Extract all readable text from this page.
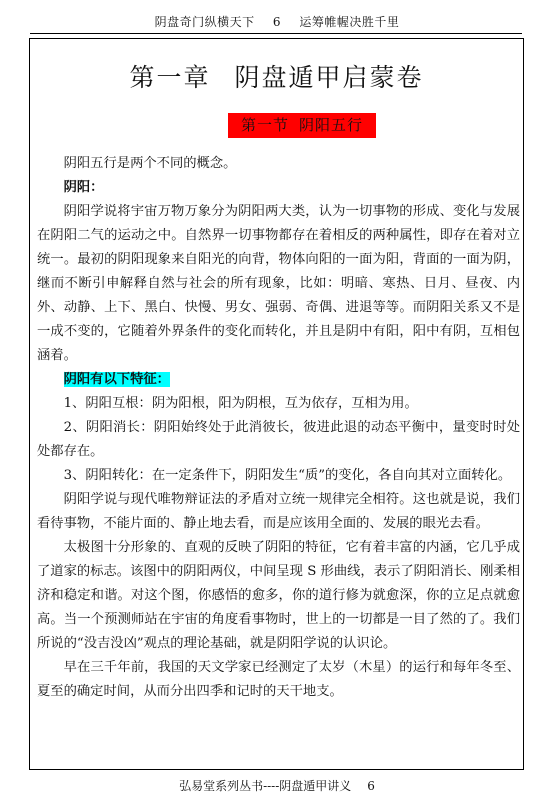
阴盘奇门纵横天下 6 运筹帷幄决胜千里
第一章 阴盘遁甲启蒙卷
第一节 阴阳五行

阴阳五行是两个不同的概念。

阴阳：

阴阳学说将宇宙万物万象分为阴阳两大类，认为一切事物的形成、变化与发展在阴阳二气的运动之中。自然界一切事物都存在着相反的两种属性，即存在着对立统一。最初的阴阳现象来自阳光的向背，物体向阳的一面为阳，背面的一面为阴，继而不断引申解释自然与社会的所有现象，比如：明暗、寒热、日月、昼夜、内外、动静、上下、黑白、快慢、男女、强弱、奇偶、进退等等。而阴阳关系又不是一成不变的，它随着外界条件的变化而转化，并且是阴中有阳，阳中有阴，互相包涵着。

阴阳有以下特征：

1、阴阳互根：阴为阳根，阳为阴根，互为依存，互相为用。

2、阴阳消长：阴阳始终处于此消彼长，彼进此退的动态平衡中，量变时时处处都存在。

3、阴阳转化：在一定条件下，阴阳发生“质”的变化，各自向其对立面转化。

阴阳学说与现代唯物辩证法的矛盾对立统一规律完全相符。这也就是说，我们看待事物，不能片面的、静止地去看，而是应该用全面的、发展的眼光去看。

太极图十分形象的、直观的反映了阴阳的特征，它有着丰富的内涵，它几乎成了道家的标志。该图中的阴阳两仪，中间呈现 S 形曲线，表示了阴阳消长、刚柔相济和稳定和谐。对这个图，你感悟的愈多，你的道行修为就愈深，你的立足点就愈高。当一个预测师站在宇宙的角度看事物时，世上的一切都是一目了然的了。我们所说的“没吉没凶”观点的理论基础，就是阴阳学说的认识论。

早在三千年前，我国的天文学家已经测定了太岁（木星）的运行和每年冬至、夏至的确定时间，从而分出四季和记时的天干地支。

弘易堂系列丛书----阴盘遁甲讲义 6
